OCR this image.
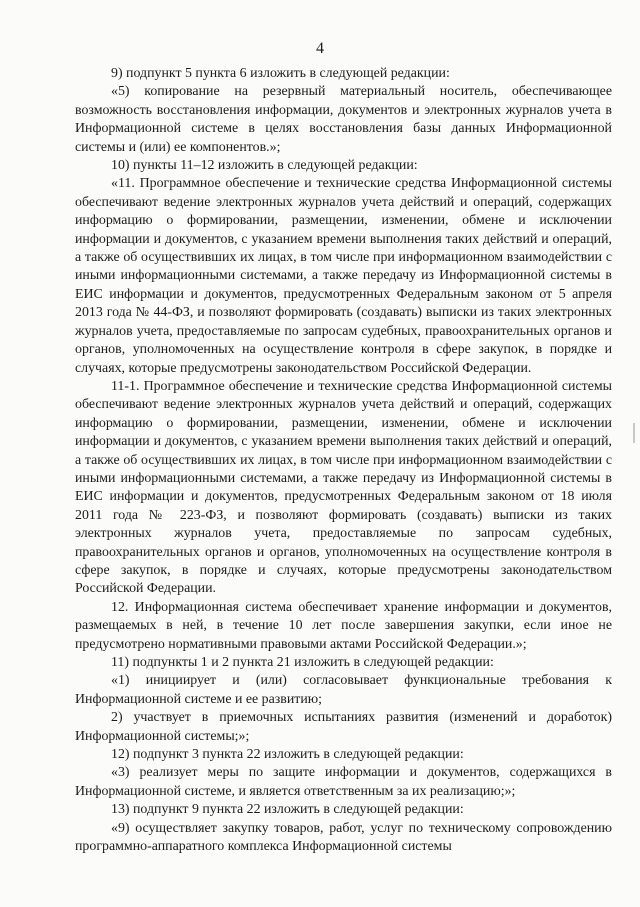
4

9) подпункт 5 пункта 6 изложить в следующей редакции:

«5) копирование на резервный материальный носитель, обеспечивающее возможность восстановления информации, документов и электронных журналов учета в Информационной системе в целях восстановления базы данных Информационной системы и (или) ее компонентов.»;

10) пункты 11–12 изложить в следующей редакции:

«11. Программное обеспечение и технические средства Информационной системы обеспечивают ведение электронных журналов учета действий и операций, содержащих информацию о формировании, размещении, изменении, обмене и исключении информации и документов, с указанием времени выполнения таких действий и операций, а также об осуществивших их лицах, в том числе при информационном взаимодействии с иными информационными системами, а также передачу из Информационной системы в ЕИС информации и документов, предусмотренных Федеральным законом от 5 апреля 2013 года № 44-ФЗ, и позволяют формировать (создавать) выписки из таких электронных журналов учета, предоставляемые по запросам судебных, правоохранительных органов и органов, уполномоченных на осуществление контроля в сфере закупок, в порядке и случаях, которые предусмотрены законодательством Российской Федерации.

11-1. Программное обеспечение и технические средства Информационной системы обеспечивают ведение электронных журналов учета действий и операций, содержащих информацию о формировании, размещении, изменении, обмене и исключении информации и документов, с указанием времени выполнения таких действий и операций, а также об осуществивших их лицах, в том числе при информационном взаимодействии с иными информационными системами, а также передачу из Информационной системы в ЕИС информации и документов, предусмотренных Федеральным законом от 18 июля 2011 года № 223-ФЗ, и позволяют формировать (создавать) выписки из таких электронных журналов учета, предоставляемые по запросам судебных, правоохранительных органов и органов, уполномоченных на осуществление контроля в сфере закупок, в порядке и случаях, которые предусмотрены законодательством Российской Федерации.

12. Информационная система обеспечивает хранение информации и документов, размещаемых в ней, в течение 10 лет после завершения закупки, если иное не предусмотрено нормативными правовыми актами Российской Федерации.»;

11) подпункты 1 и 2 пункта 21 изложить в следующей редакции:

«1) инициирует и (или) согласовывает функциональные требования к Информационной системе и ее развитию;

2) участвует в приемочных испытаниях развития (изменений и доработок) Информационной системы;»;

12) подпункт 3 пункта 22 изложить в следующей редакции:

«3) реализует меры по защите информации и документов, содержащихся в Информационной системе, и является ответственным за их реализацию;»;

13) подпункт 9 пункта 22 изложить в следующей редакции:

«9) осуществляет закупку товаров, работ, услуг по техническому сопровождению программно-аппаратного комплекса Информационной системы
